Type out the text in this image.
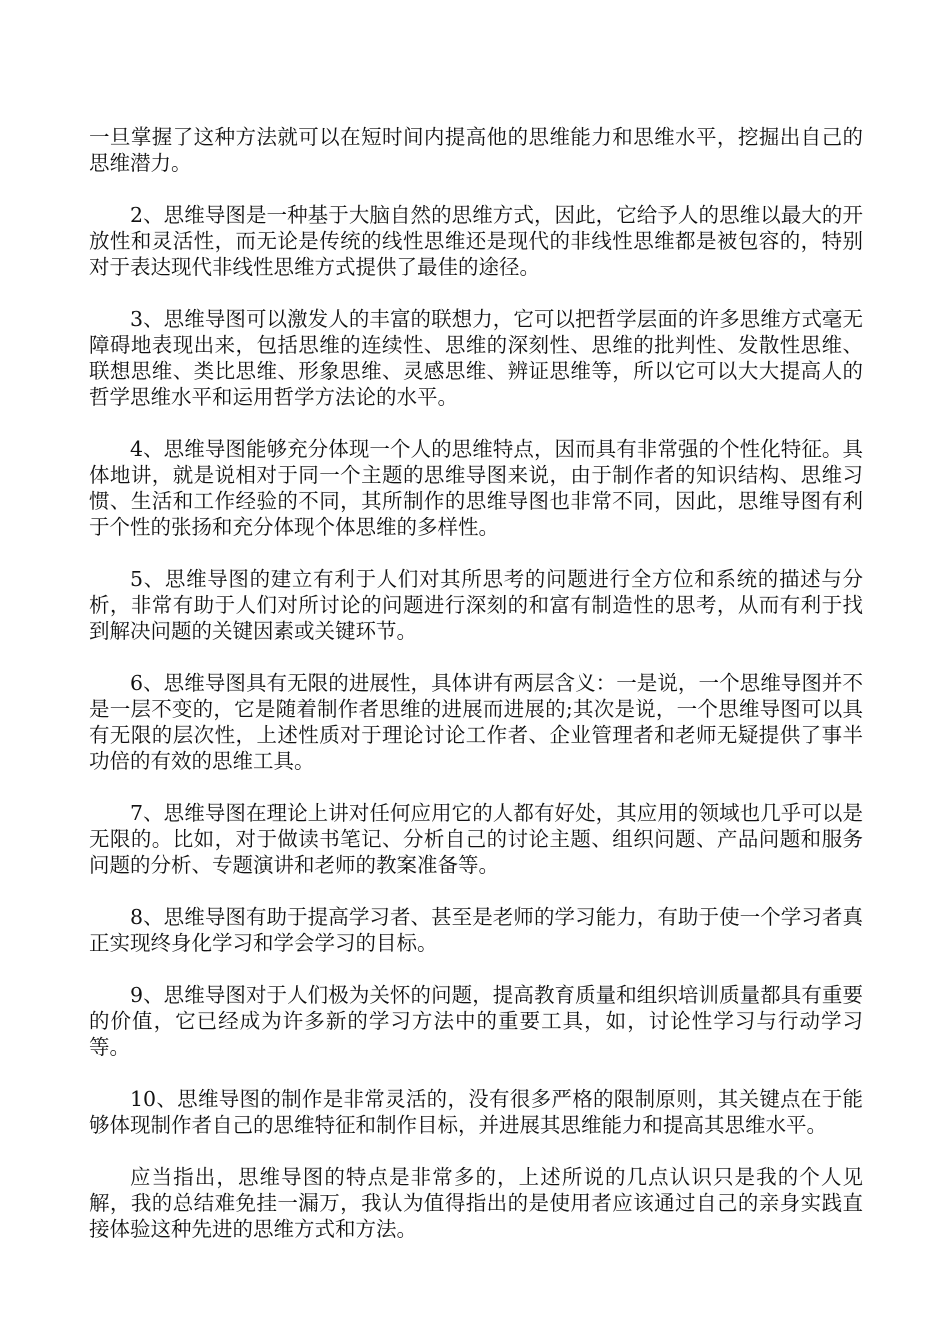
一旦掌握了这种方法就可以在短时间内提高他的思维能力和思维水平，挖掘出自己的思维潜力。

2、思维导图是一种基于大脑自然的思维方式，因此，它给予人的思维以最大的开放性和灵活性，而无论是传统的线性思维还是现代的非线性思维都是被包容的，特别对于表达现代非线性思维方式提供了最佳的途径。

3、思维导图可以激发人的丰富的联想力，它可以把哲学层面的许多思维方式毫无障碍地表现出来，包括思维的连续性、思维的深刻性、思维的批判性、发散性思维、联想思维、类比思维、形象思维、灵感思维、辨证思维等，所以它可以大大提高人的哲学思维水平和运用哲学方法论的水平。

4、思维导图能够充分体现一个人的思维特点，因而具有非常强的个性化特征。具体地讲，就是说相对于同一个主题的思维导图来说，由于制作者的知识结构、思维习惯、生活和工作经验的不同，其所制作的思维导图也非常不同，因此，思维导图有利于个性的张扬和充分体现个体思维的多样性。

5、思维导图的建立有利于人们对其所思考的问题进行全方位和系统的描述与分析，非常有助于人们对所讨论的问题进行深刻的和富有制造性的思考，从而有利于找到解决问题的关键因素或关键环节。

6、思维导图具有无限的进展性，具体讲有两层含义：一是说，一个思维导图并不是一层不变的，它是随着制作者思维的进展而进展的;其次是说，一个思维导图可以具有无限的层次性，上述性质对于理论讨论工作者、企业管理者和老师无疑提供了事半功倍的有效的思维工具。

7、思维导图在理论上讲对任何应用它的人都有好处，其应用的领域也几乎可以是无限的。比如，对于做读书笔记、分析自己的讨论主题、组织问题、产品问题和服务问题的分析、专题演讲和老师的教案准备等。

8、思维导图有助于提高学习者、甚至是老师的学习能力，有助于使一个学习者真正实现终身化学习和学会学习的目标。

9、思维导图对于人们极为关怀的问题，提高教育质量和组织培训质量都具有重要的价值，它已经成为许多新的学习方法中的重要工具，如，讨论性学习与行动学习等。

10、思维导图的制作是非常灵活的，没有很多严格的限制原则，其关键点在于能够体现制作者自己的思维特征和制作目标，并进展其思维能力和提高其思维水平。

应当指出，思维导图的特点是非常多的，上述所说的几点认识只是我的个人见解，我的总结难免挂一漏万，我认为值得指出的是使用者应该通过自己的亲身实践直接体验这种先进的思维方式和方法。
